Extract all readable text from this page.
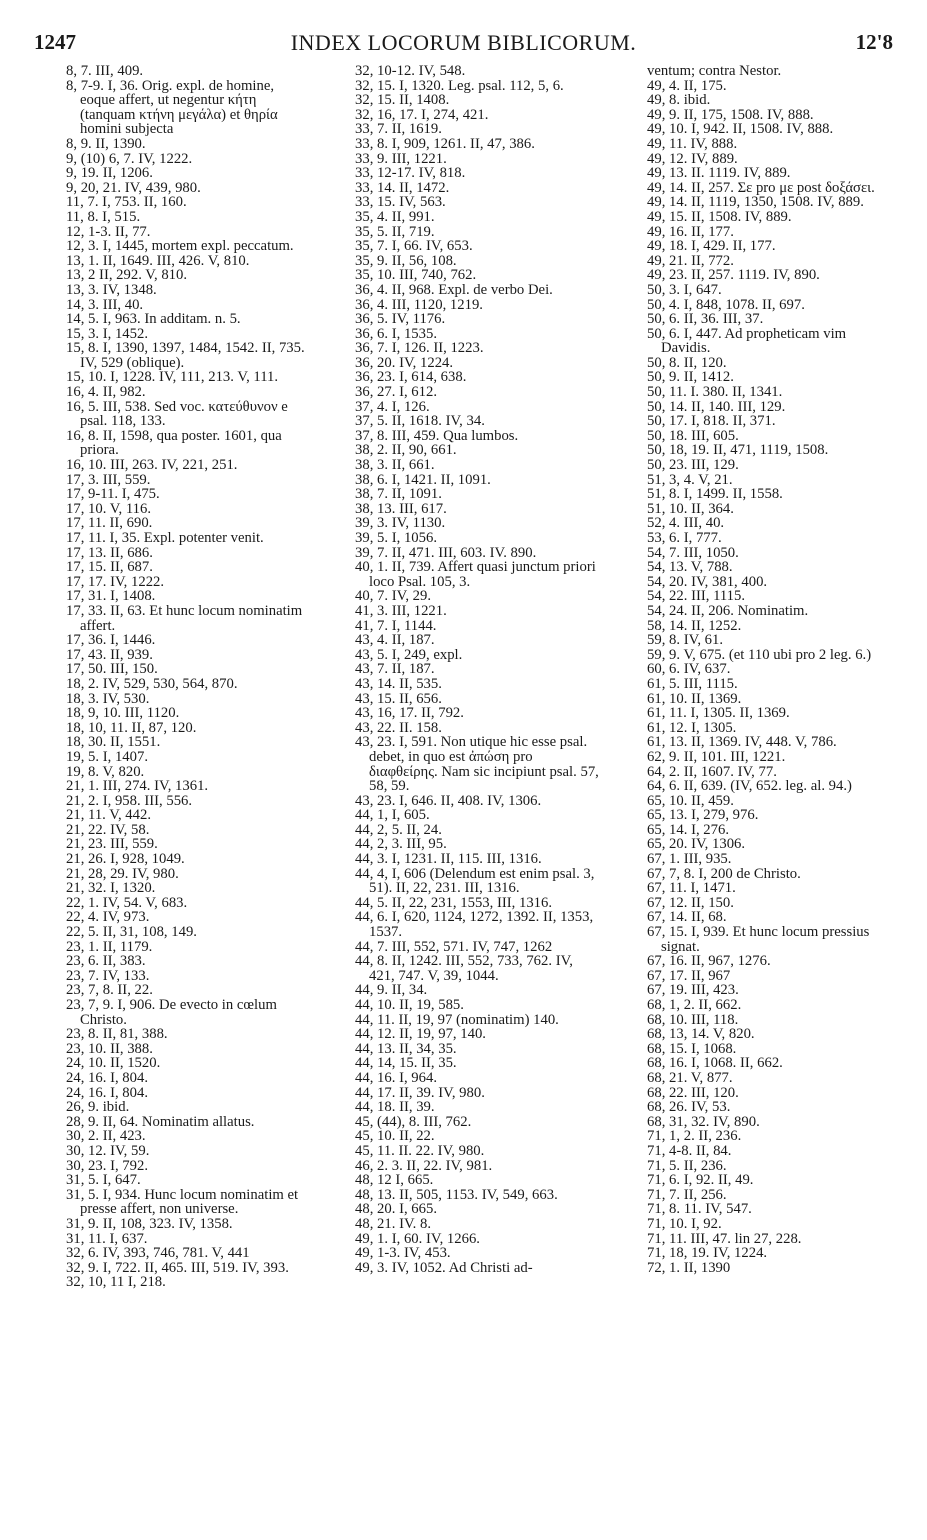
1247	INDEX LOCORUM BIBLICORUM.	12'8
8, 7. III, 409.
8, 7-9. I, 36. Orig. expl. de homine, eoque affert, ut negentur κήτη (tanquam κτήνη μεγάλα) et θηρία homini subjecta
8, 9. II, 1390.
9, (10) 6, 7. IV, 1222.
9, 19. II, 1206.
9, 20, 21. IV, 439, 980.
11, 7. I, 753. II, 160.
11, 8. I, 515.
12, 1-3. II, 77.
12, 3. I, 1445, mortem expl. peccatum.
13, 1. II, 1649. III, 426. V, 810.
13, 2 II, 292. V, 810.
13, 3. IV, 1348.
14, 3. III, 40.
14, 5. I, 963. In additam. n. 5.
15, 3. I, 1452.
15, 8. I, 1390, 1397, 1484, 1542. II, 735. IV, 529 (oblique).
15, 10. I, 1228. IV, 111, 213. V, 111.
16, 4. II, 982.
16, 5. III, 538. Sed voc. κατεύθυνον e psal. 118, 133.
16, 8. II, 1598, qua poster. 1601, qua priora.
16, 10. III, 263. IV, 221, 251.
17, 3. III, 559.
17, 9-11. I, 475.
17, 10. V, 116.
17, 11. II, 690.
17, 11. I, 35. Expl. potenter venit.
17, 13. II, 686.
17, 15. II, 687.
17, 17. IV, 1222.
17, 31. I, 1408.
17, 33. II, 63. Et hunc locum nominatim affert.
17, 36. I, 1446.
17, 43. II, 939.
17, 50. III, 150.
18, 2. IV, 529, 530, 564, 870.
18, 3. IV, 530.
18, 9, 10. III, 1120.
18, 10, 11. II, 87, 120.
18, 30. II, 1551.
19, 5. I, 1407.
19, 8. V, 820.
21, 1. III, 274. IV, 1361.
21, 2. I, 958. III, 556.
21, 11. V, 442.
21, 22. IV, 58.
21, 23. III, 559.
21, 26. I, 928, 1049.
21, 28, 29. IV, 980.
21, 32. I, 1320.
22, 1. IV, 54. V, 683.
22, 4. IV, 973.
22, 5. II, 31, 108, 149.
23, 1. II, 1179.
23, 6. II, 383.
23, 7. IV, 133.
23, 7, 8. II, 22.
23, 7, 9. I, 906. De evecto in cœlum Christo.
23, 8. II, 81, 388.
23, 10. II, 388.
24, 10. II, 1520.
24, 16. I, 804.
24, 16. I, 804.
26, 9. ibid.
28, 9. II, 64. Nominatim allatus.
30, 2. II, 423.
30, 12. IV, 59.
30, 23. I, 792.
31, 5. I, 647.
31, 5. I, 934. Hunc locum nominatim et presse affert, non universe.
31, 9. II, 108, 323. IV, 1358.
31, 11. I, 637.
32, 6. IV, 393, 746, 781. V, 441
32, 9. I, 722. II, 465. III, 519. IV, 393.
32, 10, 11 I, 218.
32, 10-12. IV, 548.
32, 15. I, 1320. Leg. psal. 112, 5, 6.
32, 15. II, 1408.
32, 16, 17. I, 274, 421.
33, 7. II, 1619.
33, 8. I, 909, 1261. II, 47, 386.
33, 9. III, 1221.
33, 12-17. IV, 818.
33, 14. II, 1472.
33, 15. IV, 563.
35, 4. II, 991.
35, 5. II, 719.
35, 7. I, 66. IV, 653.
35, 9. II, 56, 108.
35, 10. III, 740, 762.
36, 4. II, 968. Expl. de verbo Dei.
36, 4. III, 1120, 1219.
36, 5. IV, 1176.
36, 6. I, 1535.
36, 7. I, 126. II, 1223.
36, 20. IV, 1224.
36, 23. I, 614, 638.
36, 27. I, 612.
37, 4. I, 126.
37, 5. II, 1618. IV, 34.
37, 8. III, 459. Qua lumbos.
38, 2. II, 90, 661.
38, 3. II, 661.
38, 6. I, 1421. II, 1091.
38, 7. II, 1091.
38, 13. III, 617.
39, 3. IV, 1130.
39, 5. I, 1056.
39, 7. II, 471. III, 603. IV. 890.
40, 1. II, 739. Affert quasi junctum priori loco Psal. 105, 3.
40, 7. IV, 29.
41, 3. III, 1221.
41, 7. I, 1144.
43, 4. II, 187.
43, 5. I, 249, expl.
43, 7. II, 187.
43, 14. II, 535.
43, 15. II, 656.
43, 16, 17. II, 792.
43, 22. II. 158.
43, 23. I, 591. Non utique hic esse psal. debet, in quo est ἀπώση pro διαφθείρης. Nam sic incipiunt psal. 57, 58, 59.
43, 23. I, 646. II, 408. IV, 1306.
44, 1, I, 605.
44, 2, 5. II, 24.
44, 2, 3. III, 95.
44, 3. I, 1231. II, 115. III, 1316.
44, 4, I, 606 (Delendum est enim psal. 3, 51). II, 22, 231. III, 1316.
44, 5. II, 22, 231, 1553, III, 1316.
44, 6. I, 620, 1124, 1272, 1392. II, 1353, 1537.
44, 7. III, 552, 571. IV, 747, 1262
44, 8. II, 1242. III, 552, 733, 762. IV, 421, 747. V, 39, 1044.
44, 9. II, 34.
44, 10. II, 19, 585.
44, 11. II, 19, 97 (nominatim) 140.
44, 12. II, 19, 97, 140.
44, 13. II, 34, 35.
44, 14, 15. II, 35.
44, 16. I, 964.
44, 17. II, 39. IV, 980.
44, 18. II, 39.
45, (44), 8. III, 762.
45, 10. II, 22.
45, 11. II. 22. IV, 980.
46, 2. 3. II, 22. IV, 981.
48, 12 I, 665.
48, 13. II, 505, 1153. IV, 549, 663.
48, 20. I, 665.
48, 21. IV. 8.
49, 1. I, 60. IV, 1266.
49, 1-3. IV, 453.
49, 3. IV, 1052. Ad Christi ad-
ventum; contra Nestor.
49, 4. II, 175.
49, 8. ibid.
49, 9. II, 175, 1508. IV, 888.
49, 10. I, 942. II, 1508. IV, 888.
49, 11. IV, 888.
49, 12. IV, 889.
49, 13. II. 1119. IV, 889.
49, 14. II, 257. Σε pro με post δοξάσει.
49, 14. II, 1119, 1350, 1508. IV, 889.
49, 15. II, 1508. IV, 889.
49, 16. II, 177.
49, 18. I, 429. II, 177.
49, 21. II, 772.
49, 23. II, 257. 1119. IV, 890.
50, 3. I, 647.
50, 4. I, 848, 1078. II, 697.
50, 6. II, 36. III, 37.
50, 6. I, 447. Ad propheticam vim Davidis.
50, 8. II, 120.
50, 9. II, 1412.
50, 11. I. 380. II, 1341.
50, 14. II, 140. III, 129.
50, 17. I, 818. II, 371.
50, 18. III, 605.
50, 18, 19. II, 471, 1119, 1508.
50, 23. III, 129.
51, 3, 4. V, 21.
51, 8. I, 1499. II, 1558.
51, 10. II, 364.
52, 4. III, 40.
53, 6. I, 777.
54, 7. III, 1050.
54, 13. V, 788.
54, 20. IV, 381, 400.
54, 22. III, 1115.
54, 24. II, 206. Nominatim.
58, 14. II, 1252.
59, 8. IV, 61.
59, 9. V, 675. (et 110 ubi pro 2 leg. 6.)
60, 6. IV, 637.
61, 5. III, 1115.
61, 10. II, 1369.
61, 11. I, 1305. II, 1369.
61, 12. I, 1305.
61, 13. II, 1369. IV, 448. V, 786.
62, 9. II, 101. III, 1221.
64, 2. II, 1607. IV, 77.
64, 6. II, 639. (IV, 652. leg. al. 94.)
65, 10. II, 459.
65, 13. I, 279, 976.
65, 14. I, 276.
65, 20. IV, 1306.
67, 1. III, 935.
67, 7, 8. I, 200 de Christo.
67, 11. I, 1471.
67, 12. II, 150.
67, 14. II, 68.
67, 15. I, 939. Et hunc locum pressius signat.
67, 16. II, 967, 1276.
67, 17. II, 967
67, 19. III, 423.
68, 1, 2. II, 662.
68, 10. III, 118.
68, 13, 14. V, 820.
68, 15. I, 1068.
68, 16. I, 1068. II, 662.
68, 21. V, 877.
68, 22. III, 120.
68, 26. IV, 53.
68, 31, 32. IV, 890.
71, 1, 2. II, 236.
71, 4-8. II, 84.
71, 5. II, 236.
71, 6. I, 92. II, 49.
71, 7. II, 256.
71, 8. 11. IV, 547.
71, 10. I, 92.
71, 11. III, 47. lin 27, 228.
71, 18, 19. IV, 1224.
72, 1. II, 1390
